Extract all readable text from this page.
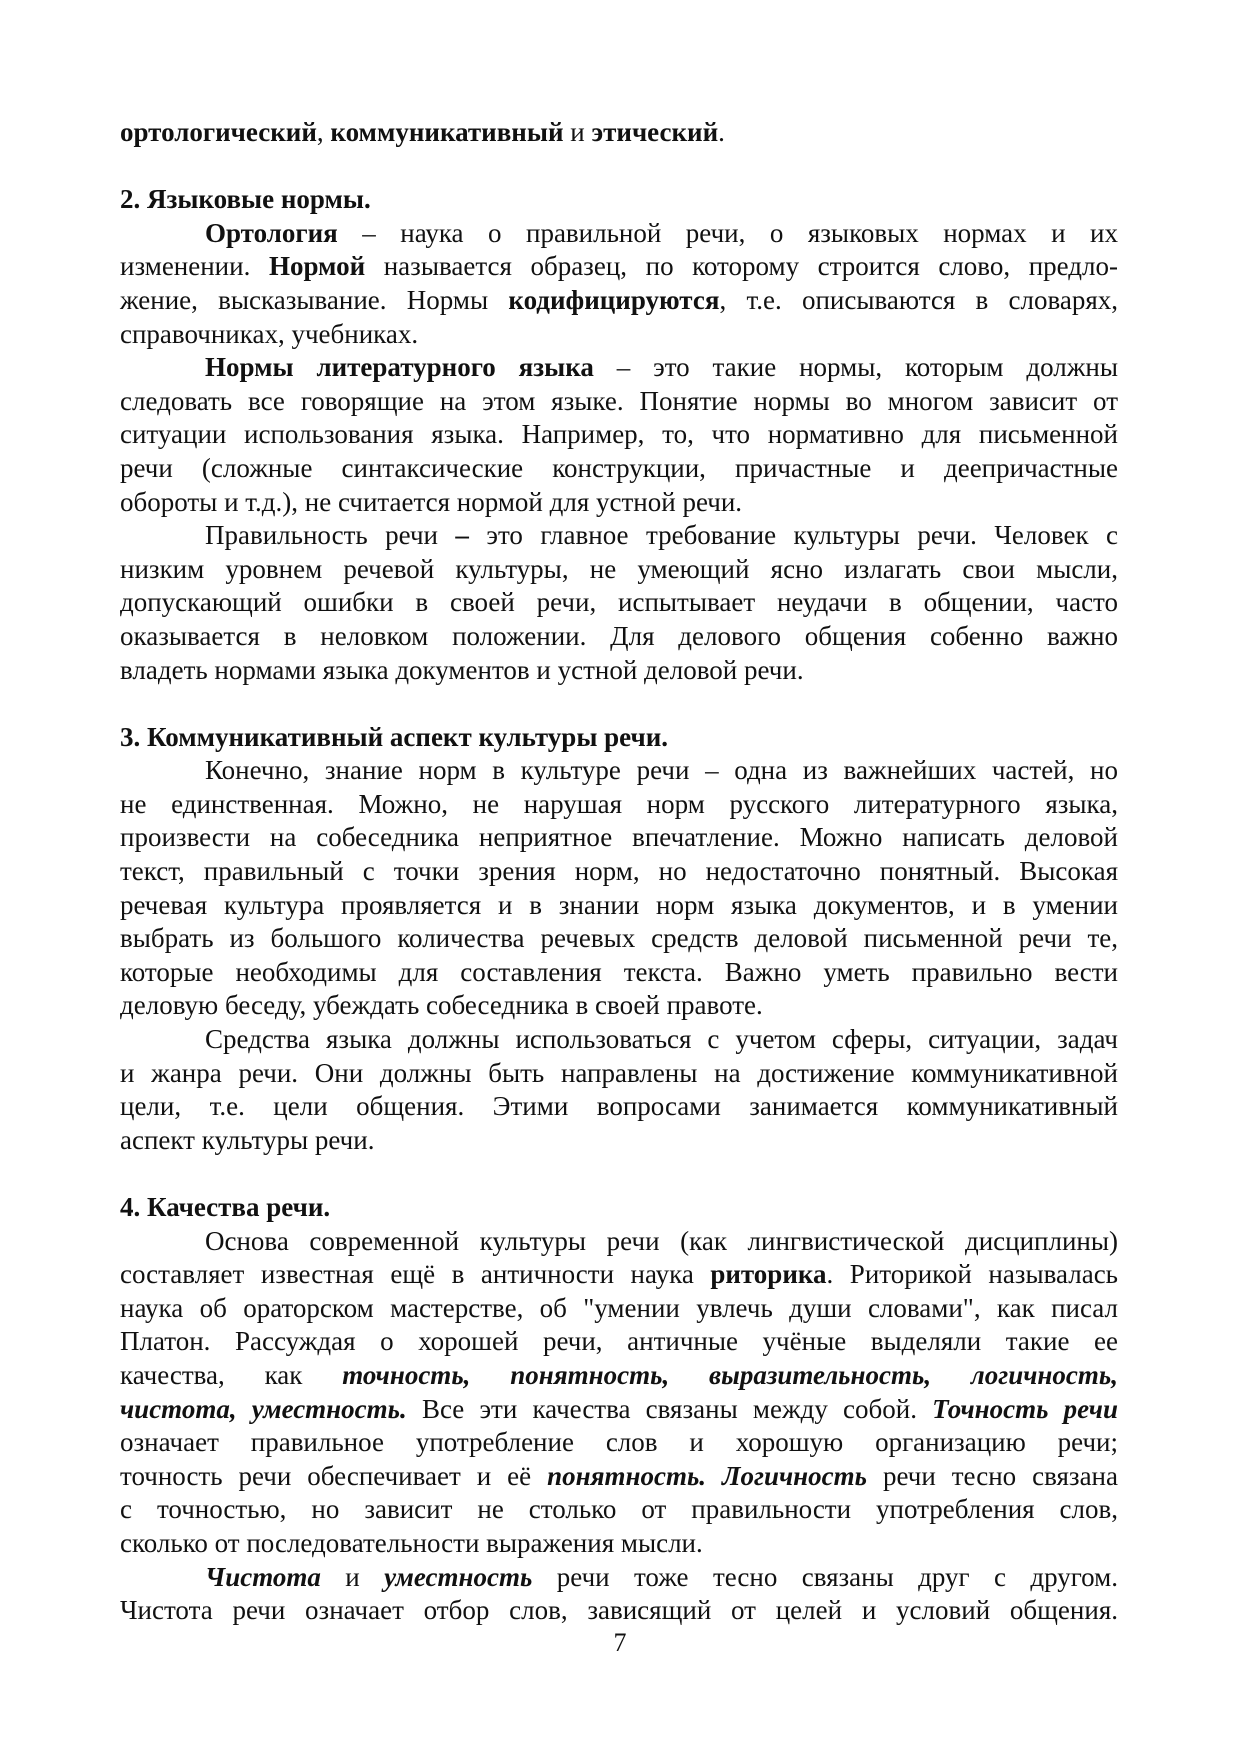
ортологический, коммуникативный и этический.
2. Языковые нормы.
Ортология – наука о правильной речи, о языковых нормах и их
изменении. Нормой называется образец, по которому строится слово, предло-
жение, высказывание. Нормы кодифицируются, т.е. описываются в словарях,
справочниках, учебниках.
Нормы литературного языка – это такие нормы, которым должны
следовать все говорящие на этом языке. Понятие нормы во многом зависит от
ситуации использования языка. Например, то, что нормативно для письменной
речи (сложные синтаксические конструкции, причастные и деепричастные
обороты и т.д.), не считается нормой для устной речи.
Правильность речи – это главное требование культуры речи. Человек с
низким уровнем речевой культуры, не умеющий ясно излагать свои мысли,
допускающий ошибки в своей речи, испытывает неудачи в общении, часто
оказывается в неловком положении. Для делового общения собенно важно
владеть нормами языка документов и устной деловой речи.
3. Коммуникативный аспект культуры речи.
Конечно, знание норм в культуре речи – одна из важнейших частей, но
не единственная. Можно, не нарушая норм русского литературного языка,
произвести на собеседника неприятное впечатление. Можно написать деловой
текст, правильный с точки зрения норм, но недостаточно понятный. Высокая
речевая культура проявляется и в знании норм языка документов, и в умении
выбрать из большого количества речевых средств деловой письменной речи те,
которые необходимы для составления текста. Важно уметь правильно вести
деловую беседу, убеждать собеседника в своей правоте.
Средства языка должны использоваться с учетом сферы, ситуации, задач
и жанра речи. Они должны быть направлены на достижение коммуникативной
цели, т.е. цели общения. Этими вопросами занимается коммуникативный
аспект культуры речи.
4. Качества речи.
Основа современной культуры речи (как лингвистической дисциплины)
составляет известная ещё в античности наука риторика. Риторикой называлась
наука об ораторском мастерстве, об "умении увлечь души словами", как писал
Платон. Рассуждая о хорошей речи, античные учёные выделяли такие ее
качества, как точность, понятность, выразительность, логичность,
чистота, уместность. Все эти качества связаны между собой. Точность речи
означает правильное употребление слов и хорошую организацию речи;
точность речи обеспечивает и её понятность. Логичность речи тесно связана
с точностью, но зависит не столько от правильности употребления слов,
сколько от последовательности выражения мысли.
Чистота и уместность речи тоже тесно связаны друг с другом.
Чистота речи означает отбор слов, зависящий от целей и условий общения.
7
